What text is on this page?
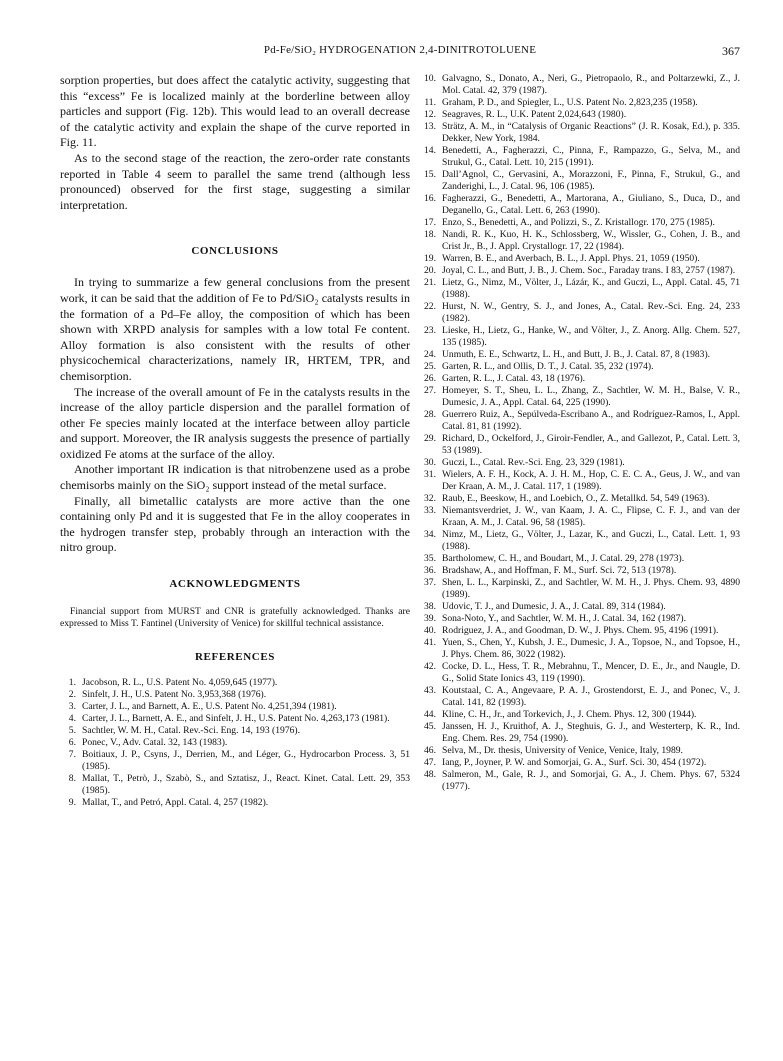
Pd-Fe/SiO₂ HYDROGENATION 2,4-DINITROTOLUENE	367

sorption properties, but does affect the catalytic activity, suggesting that this “excess” Fe is localized mainly at the borderline between alloy particles and support (Fig. 12b). This would lead to an overall decrease of the catalytic activity and explain the shape of the curve reported in Fig. 11.

As to the second stage of the reaction, the zero-order rate constants reported in Table 4 seem to parallel the same trend (although less pronounced) observed for the first stage, suggesting a similar interpretation.

CONCLUSIONS

In trying to summarize a few general conclusions from the present work, it can be said that the addition of Fe to Pd/SiO₂ catalysts results in the formation of a Pd–Fe alloy, the composition of which has been shown with XRPD analysis for samples with a low total Fe content. Alloy formation is also consistent with the results of other physicochemical characterizations, namely IR, HRTEM, TPR, and chemisorption.

The increase of the overall amount of Fe in the catalysts results in the increase of the alloy particle dispersion and the parallel formation of other Fe species mainly located at the interface between alloy particle and support. Moreover, the IR analysis suggests the presence of partially oxidized Fe atoms at the surface of the alloy.

Another important IR indication is that nitrobenzene used as a probe chemisorbs mainly on the SiO₂ support instead of the metal surface.

Finally, all bimetallic catalysts are more active than the one containing only Pd and it is suggested that Fe in the alloy cooperates in the hydrogen transfer step, probably through an interaction with the nitro group.

ACKNOWLEDGMENTS

Financial support from MURST and CNR is gratefully acknowledged. Thanks are expressed to Miss T. Fantinel (University of Venice) for skillful technical assistance.

REFERENCES
1. Jacobson, R. L., U.S. Patent No. 4,059,645 (1977).
2. Sinfelt, J. H., U.S. Patent No. 3,953,368 (1976).
3. Carter, J. L., and Barnett, A. E., U.S. Patent No. 4,251,394 (1981).
4. Carter, J. L., Barnett, A. E., and Sinfelt, J. H., U.S. Patent No. 4,263,173 (1981).
5. Sachtler, W. M. H., Catal. Rev.-Sci. Eng. 14, 193 (1976).
6. Ponec, V., Adv. Catal. 32, 143 (1983).
7. Boitiaux, J. P., Csyns, J., Derrien, M., and Léger, G., Hydrocarbon Process. 3, 51 (1985).
8. Mallat, T., Petrò, J., Szabò, S., and Sztatisz, J., React. Kinet. Catal. Lett. 29, 353 (1985).
9. Mallat, T., and Petró, Appl. Catal. 4, 257 (1982).
10. Galvagno, S., Donato, A., Neri, G., Pietropaolo, R., and Poltarzewki, Z., J. Mol. Catal. 42, 379 (1987).
11. Graham, P. D., and Spiegler, L., U.S. Patent No. 2,823,235 (1958).
12. Seagraves, R. L., U.K. Patent 2,024,643 (1980).
13. Strätz, A. M., in “Catalysis of Organic Reactions” (J. R. Kosak, Ed.), p. 335. Dekker, New York, 1984.
14. Benedetti, A., Fagherazzi, C., Pinna, F., Rampazzo, G., Selva, M., and Strukul, G., Catal. Lett. 10, 215 (1991).
15. Dall’Agnol, C., Gervasini, A., Morazzoni, F., Pinna, F., Strukul, G., and Zanderighi, L., J. Catal. 96, 106 (1985).
16. Fagherazzi, G., Benedetti, A., Martorana, A., Giuliano, S., Duca, D., and Deganello, G., Catal. Lett. 6, 263 (1990).
17. Enzo, S., Benedetti, A., and Polizzi, S., Z. Kristallogr. 170, 275 (1985).
18. Nandi, R. K., Kuo, H. K., Schlossberg, W., Wissler, G., Cohen, J. B., and Crist Jr., B., J. Appl. Crystallogr. 17, 22 (1984).
19. Warren, B. E., and Averbach, B. L., J. Appl. Phys. 21, 1059 (1950).
20. Joyal, C. L., and Butt, J. B., J. Chem. Soc., Faraday trans. I 83, 2757 (1987).
21. Lietz, G., Nimz, M., Völter, J., Lázár, K., and Guczi, L., Appl. Catal. 45, 71 (1988).
22. Hurst, N. W., Gentry, S. J., and Jones, A., Catal. Rev.-Sci. Eng. 24, 233 (1982).
23. Lieske, H., Lietz, G., Hanke, W., and Völter, J., Z. Anorg. Allg. Chem. 527, 135 (1985).
24. Unmuth, E. E., Schwartz, L. H., and Butt, J. B., J. Catal. 87, 8 (1983).
25. Garten, R. L., and Ollis, D. T., J. Catal. 35, 232 (1974).
26. Garten, R. L., J. Catal. 43, 18 (1976).
27. Homeyer, S. T., Sheu, L. L., Zhang, Z., Sachtler, W. M. H., Balse, V. R., Dumesic, J. A., Appl. Catal. 64, 225 (1990).
28. Guerrero Ruiz, A., Sepúlveda-Escribano A., and Rodríguez-Ramos, I., Appl. Catal. 81, 81 (1992).
29. Richard, D., Ockelford, J., Giroir-Fendler, A., and Gallezot, P., Catal. Lett. 3, 53 (1989).
30. Guczi, L., Catal. Rev.-Sci. Eng. 23, 329 (1981).
31. Wielers, A. F. H., Kock, A. J. H. M., Hop, C. E. C. A., Geus, J. W., and van Der Kraan, A. M., J. Catal. 117, 1 (1989).
32. Raub, E., Beeskow, H., and Loebich, O., Z. Metallkd. 54, 549 (1963).
33. Niemantsverdriet, J. W., van Kaam, J. A. C., Flipse, C. F. J., and van der Kraan, A. M., J. Catal. 96, 58 (1985).
34. Nimz, M., Lietz, G., Völter, J., Lazar, K., and Guczi, L., Catal. Lett. 1, 93 (1988).
35. Bartholomew, C. H., and Boudart, M., J. Catal. 29, 278 (1973).
36. Bradshaw, A., and Hoffman, F. M., Surf. Sci. 72, 513 (1978).
37. Shen, L. L., Karpinski, Z., and Sachtler, W. M. H., J. Phys. Chem. 93, 4890 (1989).
38. Udovic, T. J., and Dumesic, J. A., J. Catal. 89, 314 (1984).
39. Sona-Noto, Y., and Sachtler, W. M. H., J. Catal. 34, 162 (1987).
40. Rodriguez, J. A., and Goodman, D. W., J. Phys. Chem. 95, 4196 (1991).
41. Yuen, S., Chen, Y., Kubsh, J. E., Dumesic, J. A., Topsoe, N., and Topsoe, H., J. Phys. Chem. 86, 3022 (1982).
42. Cocke, D. L., Hess, T. R., Mebrahnu, T., Mencer, D. E., Jr., and Naugle, D. G., Solid State Ionics 43, 119 (1990).
43. Koutstaal, C. A., Angevaare, P. A. J., Grostendorst, E. J., and Ponec, V., J. Catal. 141, 82 (1993).
44. Kline, C. H., Jr., and Torkevich, J., J. Chem. Phys. 12, 300 (1944).
45. Janssen, H. J., Kruithof, A. J., Steghuis, G. J., and Westerterp, K. R., Ind. Eng. Chem. Res. 29, 754 (1990).
46. Selva, M., Dr. thesis, University of Venice, Venice, Italy, 1989.
47. Iang, P., Joyner, P. W. and Somorjai, G. A., Surf. Sci. 30, 454 (1972).
48. Salmeron, M., Gale, R. J., and Somorjai, G. A., J. Chem. Phys. 67, 5324 (1977).
